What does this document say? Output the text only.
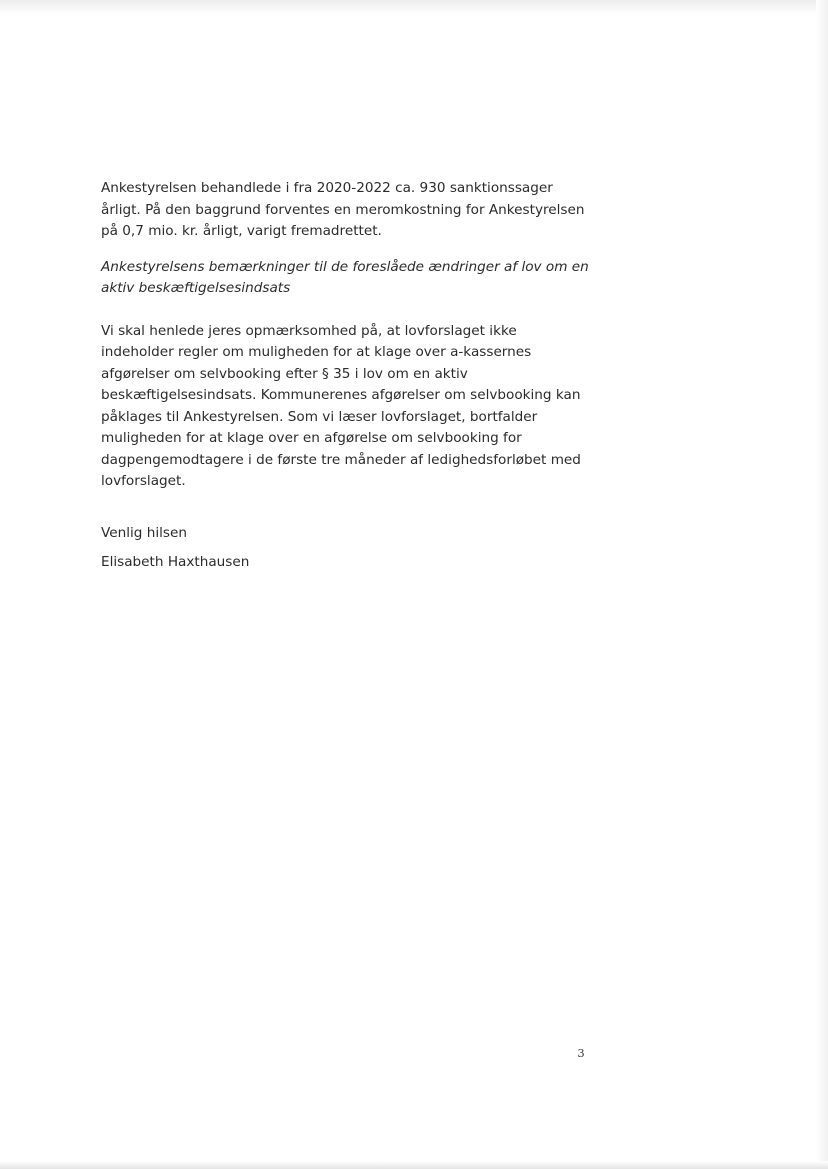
Ankestyrelsen behandlede i fra 2020-2022 ca. 930 sanktionssager årligt. På den baggrund forventes en meromkostning for Ankestyrelsen på 0,7 mio. kr. årligt, varigt fremadrettet.

Ankestyrelsens bemærkninger til de foreslåede ændringer af lov om en aktiv beskæftigelsesindsats

Vi skal henlede jeres opmærksomhed på, at lovforslaget ikke indeholder regler om muligheden for at klage over a-kassernes afgørelser om selvbooking efter § 35 i lov om en aktiv beskæftigelsesindsats. Kommunerenes afgørelser om selvbooking kan påklages til Ankestyrelsen. Som vi læser lovforslaget, bortfalder muligheden for at klage over en afgørelse om selvbooking for dagpengemodtagere i de første tre måneder af ledighedsforløbet med lovforslaget.

Venlig hilsen

Elisabeth Haxthausen

3
